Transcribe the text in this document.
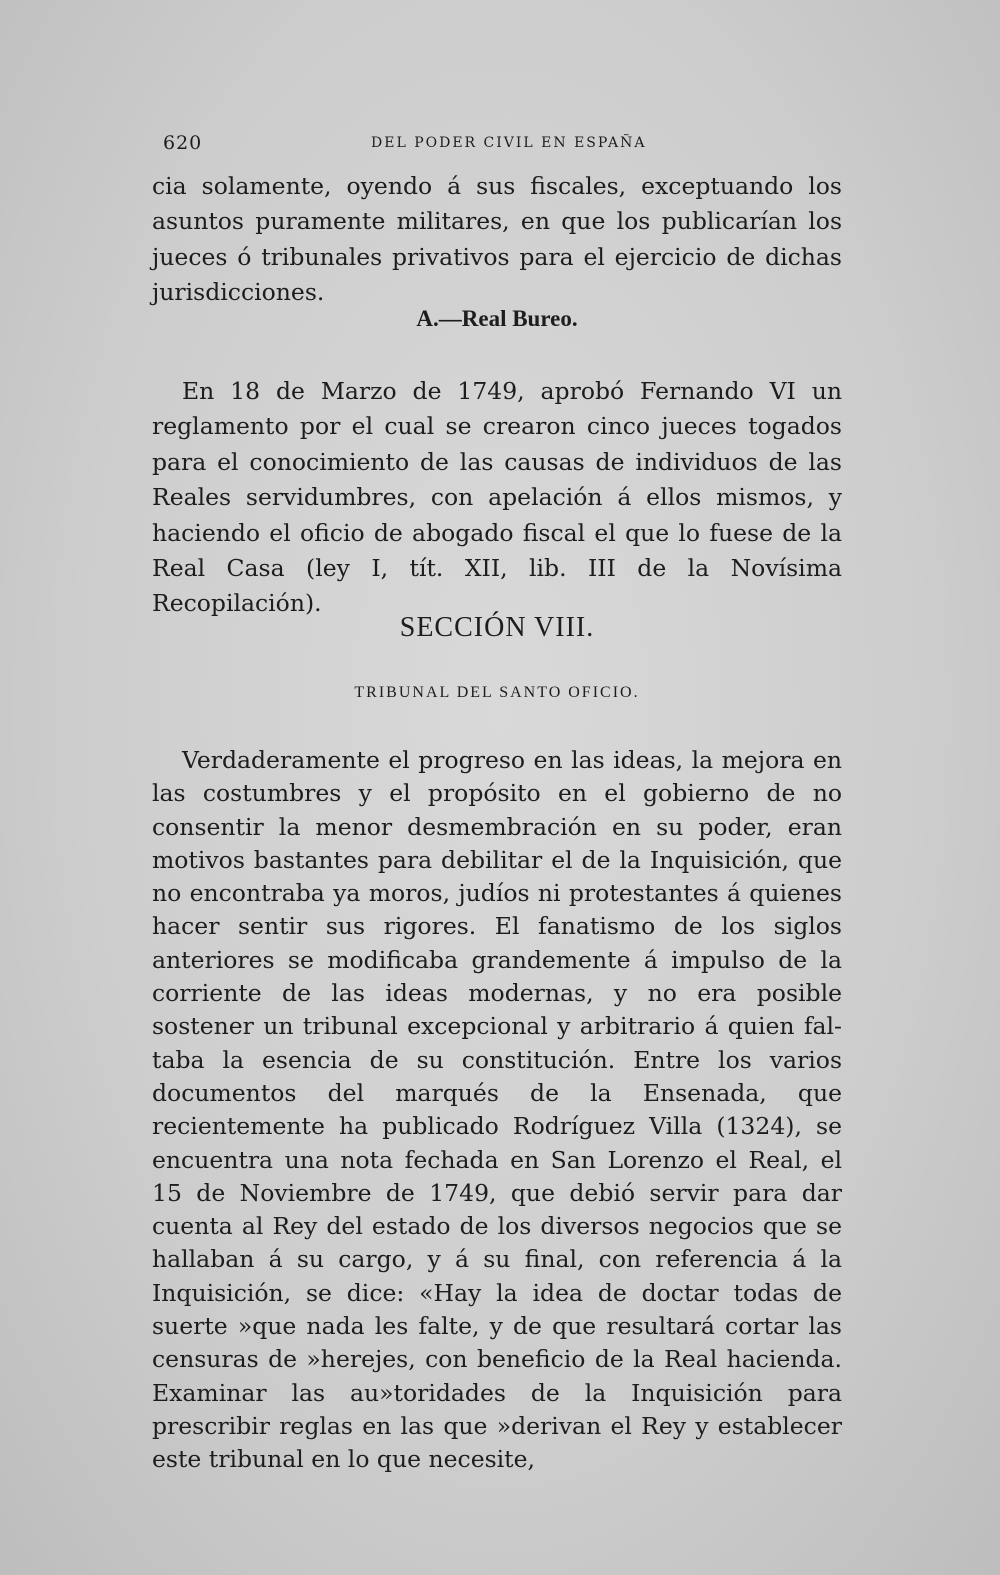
620	DEL PODER CIVIL EN ESPAÑA

cia solamente, oyendo á sus fiscales, exceptuando los asuntos puramente militares, en que los publicarían los jueces ó tribunales privativos para el ejercicio de dichas jurisdicciones.

A.—Real Bureo.

En 18 de Marzo de 1749, aprobó Fernando VI un reglamento por el cual se crearon cinco jueces togados para el conocimiento de las causas de individuos de las Reales servidumbres, con apelación á ellos mismos, y haciendo el oficio de abogado fiscal el que lo fuese de la Real Casa (ley I, tít. XII, lib. III de la Novísima Recopilación).

SECCIÓN VIII.
TRIBUNAL DEL SANTO OFICIO.

Verdaderamente el progreso en las ideas, la mejora en las costumbres y el propósito en el gobierno de no consentir la menor desmembración en su poder, eran motivos bastantes para debilitar el de la Inquisición, que no encontraba ya moros, judíos ni protestantes á quienes hacer sentir sus rigores. El fanatismo de los siglos anteriores se modificaba grandemente á impulso de la corriente de las ideas modernas, y no era posible sostener un tribunal excepcional y arbitrario á quien faltaba la esencia de su constitución. Entre los varios documentos del marqués de la Ensenada, que recientemente ha publicado Rodríguez Villa (1324), se encuentra una nota fechada en San Lorenzo el Real, el 15 de Noviembre de 1749, que debió servir para dar cuenta al Rey del estado de los diversos negocios que se hallaban á su cargo, y á su final, con referencia á la Inquisición, se dice: «Hay la idea de doctar todas de suerte »que nada les falte, y de que resultará cortar las censuras de »herejes, con beneficio de la Real hacienda. Examinar las au»toridades de la Inquisición para prescribir reglas en las que »derivan el Rey y establecer este tribunal en lo que necesite,
